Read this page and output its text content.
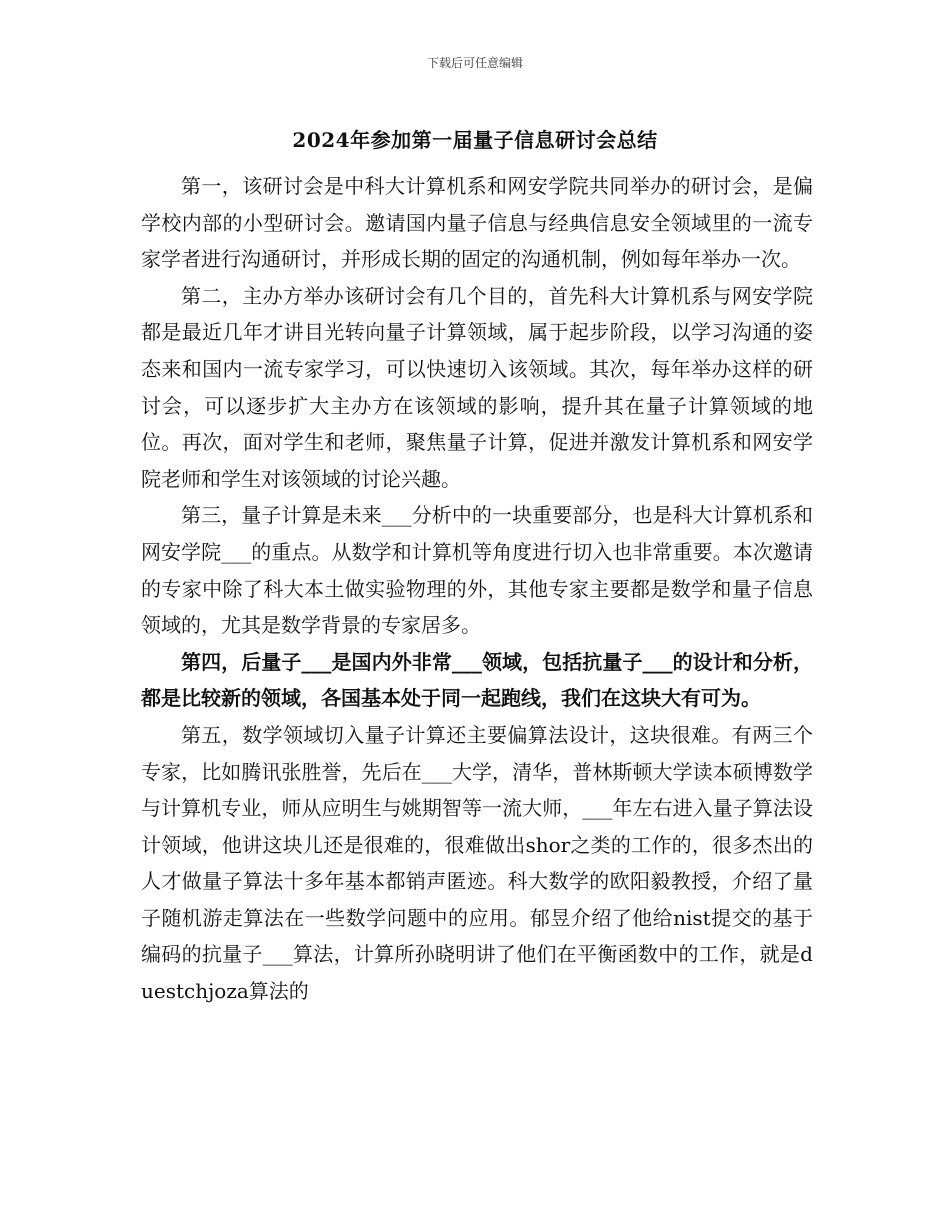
下载后可任意编辑
2024年参加第一届量子信息研讨会总结

第一，该研讨会是中科大计算机系和网安学院共同举办的研讨会，是偏学校内部的小型研讨会。邀请国内量子信息与经典信息安全领域里的一流专家学者进行沟通研讨，并形成长期的固定的沟通机制，例如每年举办一次。

第二，主办方举办该研讨会有几个目的，首先科大计算机系与网安学院都是最近几年才讲目光转向量子计算领域，属于起步阶段，以学习沟通的姿态来和国内一流专家学习，可以快速切入该领域。其次，每年举办这样的研讨会，可以逐步扩大主办方在该领域的影响，提升其在量子计算领域的地位。再次，面对学生和老师，聚焦量子计算，促进并激发计算机系和网安学院老师和学生对该领域的讨论兴趣。

第三，量子计算是未来___分析中的一块重要部分，也是科大计算机系和网安学院___的重点。从数学和计算机等角度进行切入也非常重要。本次邀请的专家中除了科大本土做实验物理的外，其他专家主要都是数学和量子信息领域的，尤其是数学背景的专家居多。

第四，后量子___是国内外非常___领域，包括抗量子___的设计和分析，都是比较新的领域，各国基本处于同一起跑线，我们在这块大有可为。

第五，数学领域切入量子计算还主要偏算法设计，这块很难。有两三个专家，比如腾讯张胜誉，先后在___大学，清华，普林斯顿大学读本硕博数学与计算机专业，师从应明生与姚期智等一流大师，___年左右进入量子算法设计领域，他讲这块儿还是很难的，很难做出shor之类的工作的，很多杰出的人才做量子算法十多年基本都销声匿迹。科大数学的欧阳毅教授，介绍了量子随机游走算法在一些数学问题中的应用。郁昱介绍了他给nist提交的基于编码的抗量子___算法，计算所孙晓明讲了他们在平衡函数中的工作，就是duestchjoza算法的
